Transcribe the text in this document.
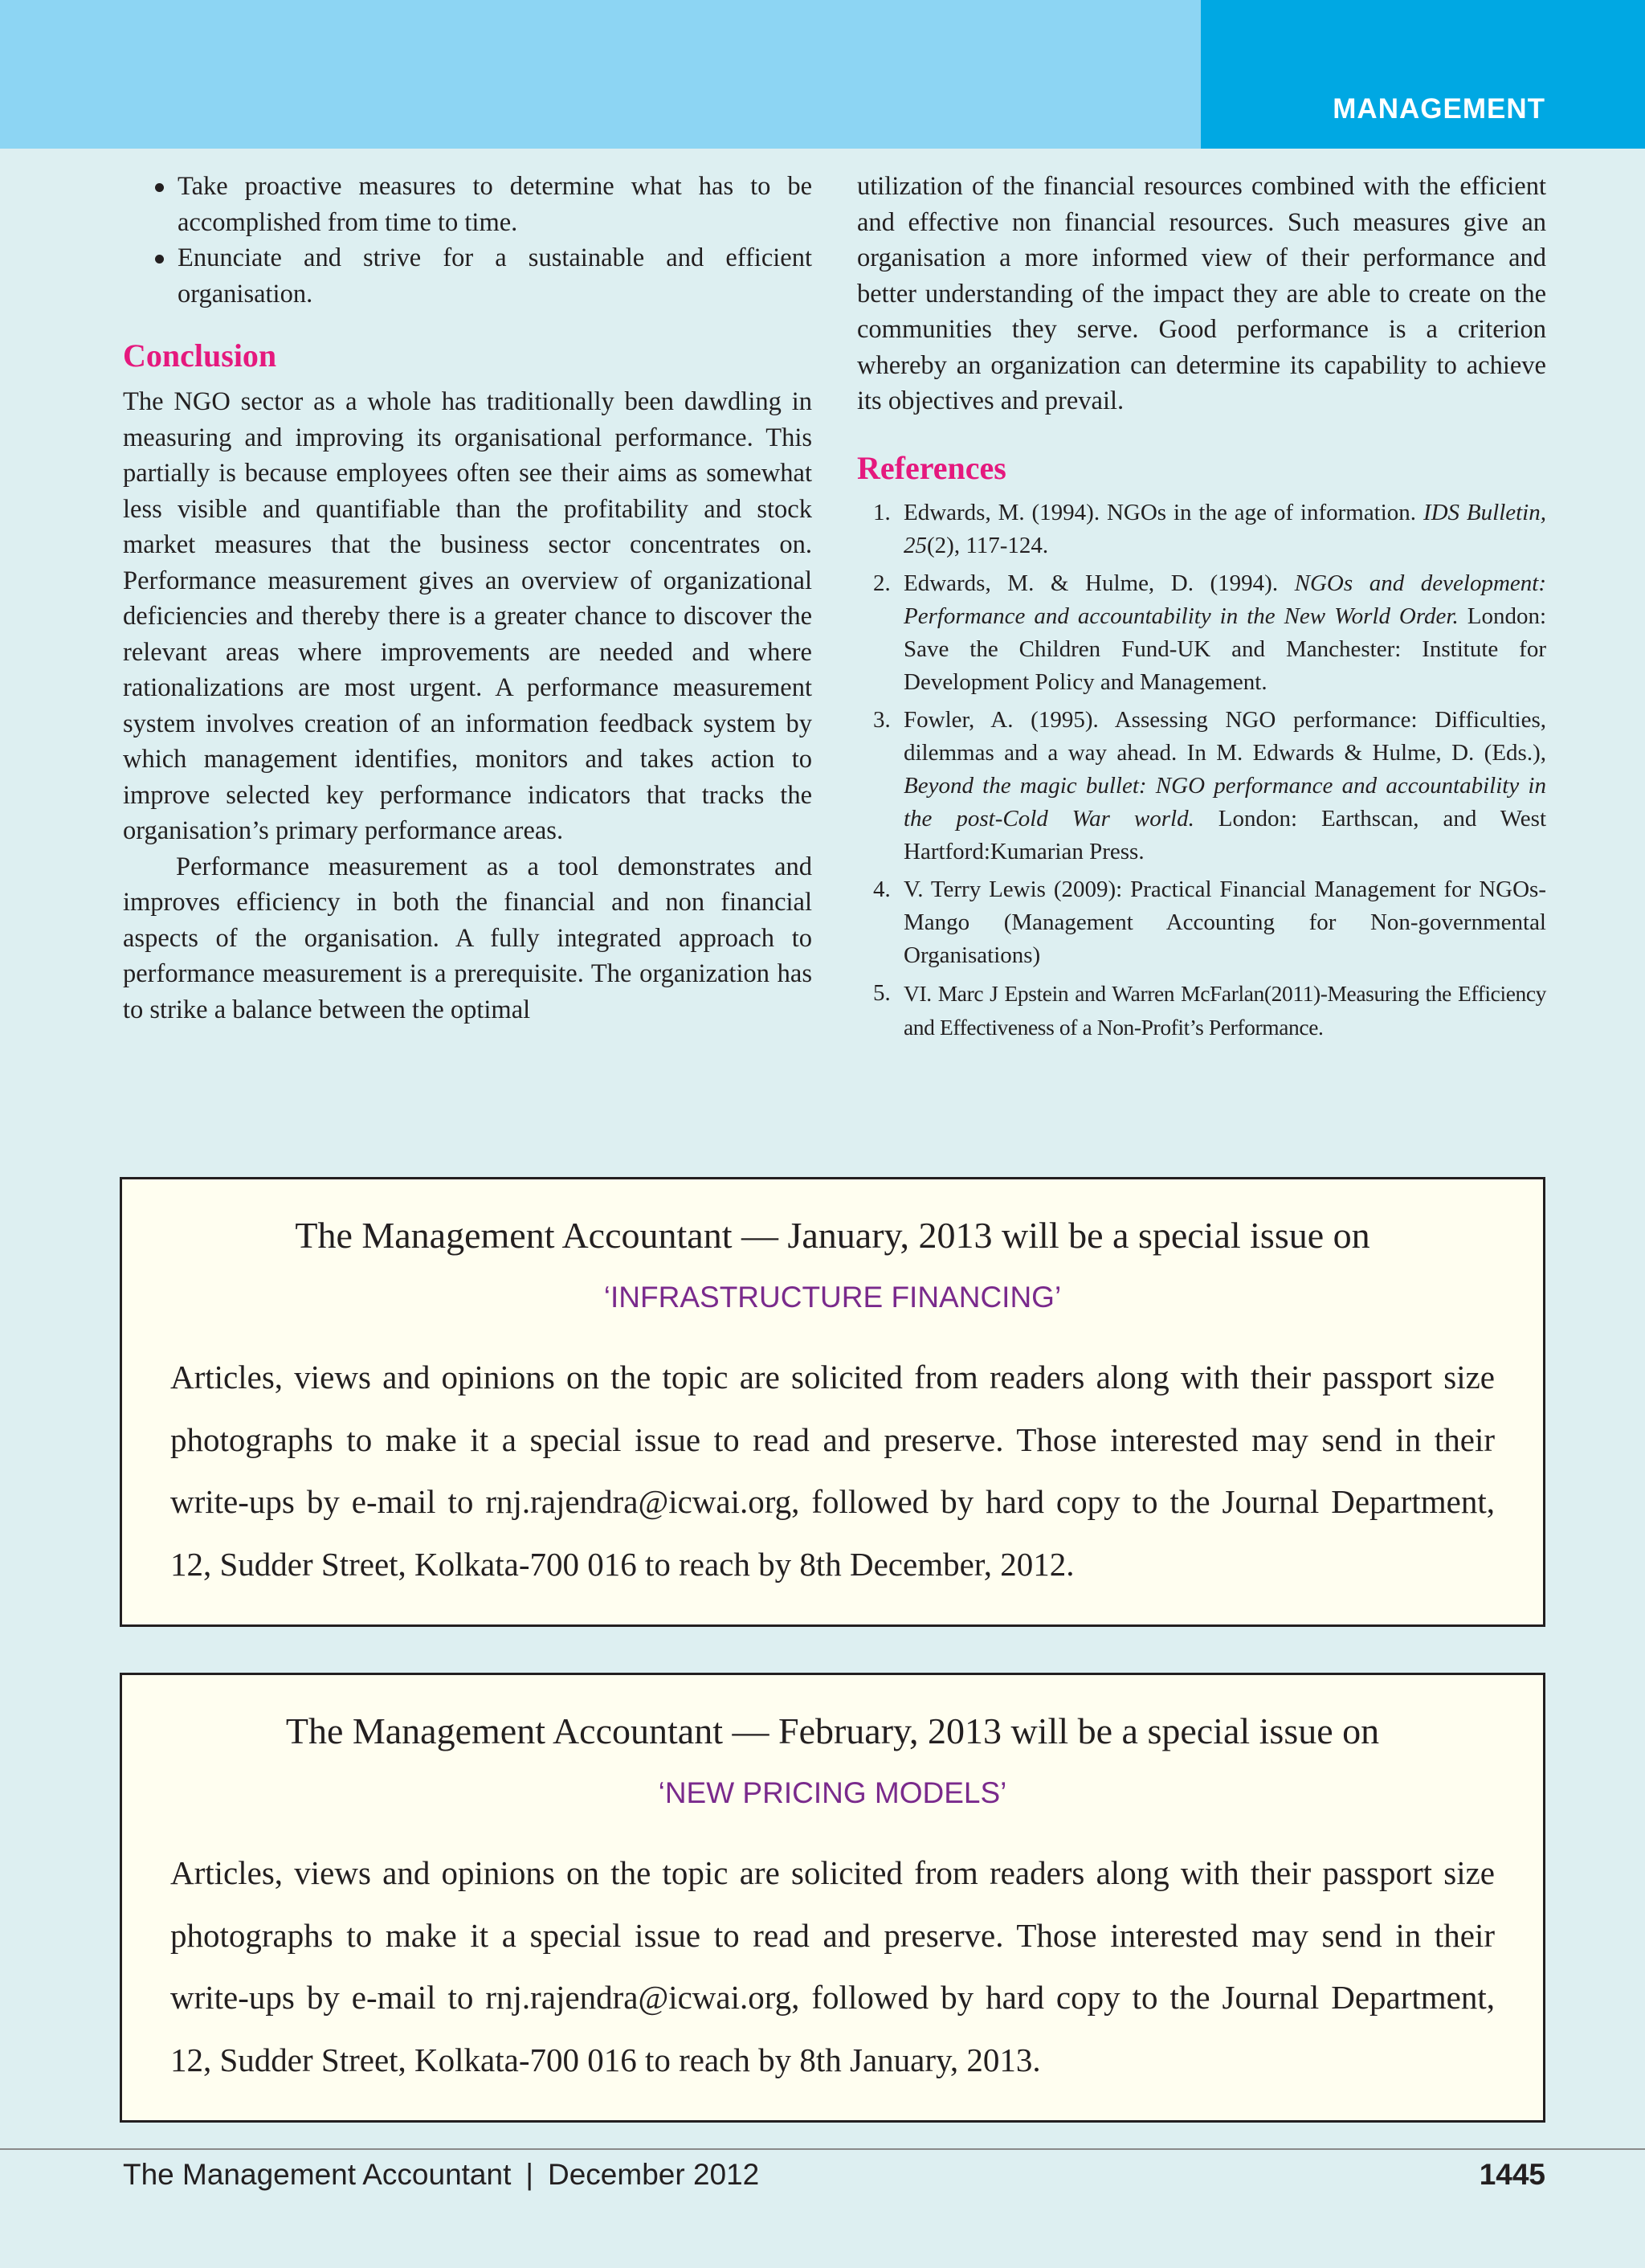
MANAGEMENT
Take proactive measures to determine what has to be accomplished from time to time.
Enunciate and strive for a sustainable and efficient organisation.
Conclusion

The NGO sector as a whole has traditionally been dawdling in measuring and improving its organisational performance. This partially is because employees often see their aims as somewhat less visible and quantifiable than the profitability and stock market measures that the business sector concentrates on. Performance measurement gives an overview of organizational deficiencies and thereby there is a greater chance to discover the relevant areas where improvements are needed and where rationalizations are most urgent. A performance measurement system involves creation of an information feedback system by which management identifies, monitors and takes action to improve selected key performance indicators that tracks the organisation’s primary performance areas.

Performance measurement as a tool demonstrates and improves efficiency in both the financial and non financial aspects of the organisation. A fully integrated approach to performance measurement is a prerequisite. The organization has to strike a balance between the optimal

utilization of the financial resources combined with the efficient and effective non financial resources. Such measures give an organisation a more informed view of their performance and better understanding of the impact they are able to create on the communities they serve. Good performance is a criterion whereby an organization can determine its capability to achieve its objectives and prevail.

References
1. Edwards, M. (1994). NGOs in the age of information. IDS Bulletin, 25(2), 117-124.
2. Edwards, M. & Hulme, D. (1994). NGOs and development: Performance and accountability in the New World Order. London: Save the Children Fund-UK and Manchester: Institute for Development Policy and Management.
3. Fowler, A. (1995). Assessing NGO performance: Difficulties, dilemmas and a way ahead. In M. Edwards & Hulme, D. (Eds.), Beyond the magic bullet: NGO performance and accountability in the post-Cold War world. London: Earthscan, and West Hartford:Kumarian Press.
4. V. Terry Lewis (2009): Practical Financial Management for NGOs-Mango (Management Accounting for Non-governmental Organisations)
5. VI. Marc J Epstein and Warren McFarlan(2011)-Measuring the Efficiency and Effectiveness of a Non-Profit’s Performance.
The Management Accountant — January, 2013 will be a special issue on
‘INFRASTRUCTURE FINANCING’
Articles, views and opinions on the topic are solicited from readers along with their passport size photographs to make it a special issue to read and preserve. Those interested may send in their write-ups by e-mail to rnj.rajendra@icwai.org, followed by hard copy to the Journal Department, 12, Sudder Street, Kolkata-700 016 to reach by 8th December, 2012.
The Management Accountant — February, 2013 will be a special issue on
‘NEW PRICING MODELS’
Articles, views and opinions on the topic are solicited from readers along with their passport size photographs to make it a special issue to read and preserve. Those interested may send in their write-ups by e-mail to rnj.rajendra@icwai.org, followed by hard copy to the Journal Department, 12, Sudder Street, Kolkata-700 016 to reach by 8th January, 2013.
The Management Accountant | December 2012	1445
